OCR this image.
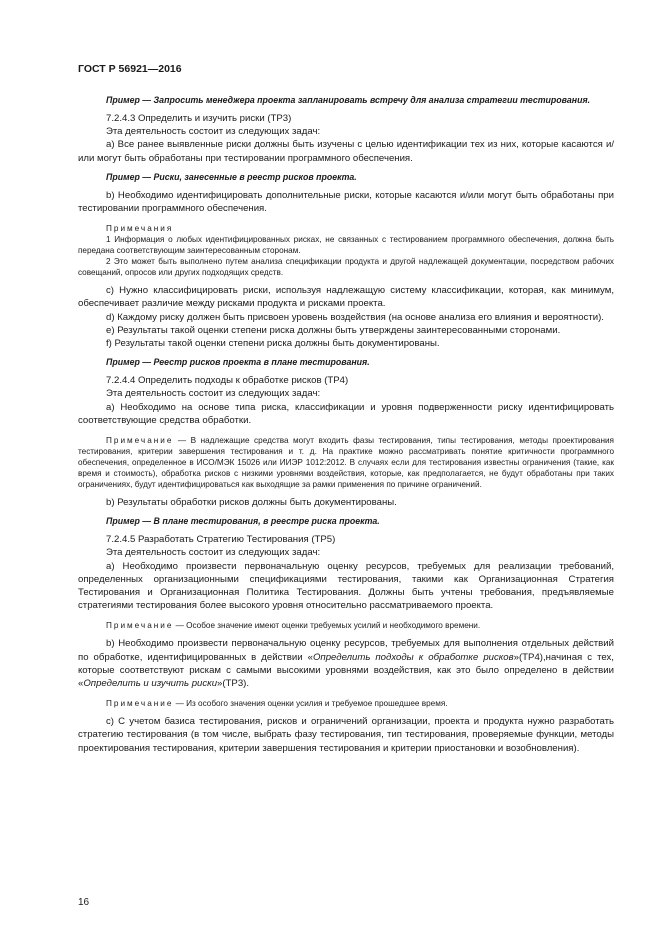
ГОСТ Р 56921—2016

Пример — Запросить менеджера проекта запланировать встречу для анализа стратегии тестирования.

7.2.4.3 Определить и изучить риски (ТР3)

Эта деятельность состоит из следующих задач:

a) Все ранее выявленные риски должны быть изучены с целью идентификации тех из них, которые касаются и/или могут быть обработаны при тестировании программного обеспечения.

Пример — Риски, занесенные в реестр рисков проекта.

b) Необходимо идентифицировать дополнительные риски, которые касаются и/или могут быть обработаны при тестировании программного обеспечения.

Примечания

1 Информация о любых идентифицированных рисках, не связанных с тестированием программного обеспечения, должна быть передана соответствующим заинтересованным сторонам.

2 Это может быть выполнено путем анализа спецификации продукта и другой надлежащей документации, посредством рабочих совещаний, опросов или других подходящих средств.

c) Нужно классифицировать риски, используя надлежащую систему классификации, которая, как минимум, обеспечивает различие между рисками продукта и рисками проекта.

d) Каждому риску должен быть присвоен уровень воздействия (на основе анализа его влияния и вероятности).

e) Результаты такой оценки степени риска должны быть утверждены заинтересованными сторонами.

f) Результаты такой оценки степени риска должны быть документированы.

Пример — Реестр рисков проекта в плане тестирования.

7.2.4.4 Определить подходы к обработке рисков (ТР4)

Эта деятельность состоит из следующих задач:

a) Необходимо на основе типа риска, классификации и уровня подверженности риску идентифицировать соответствующие средства обработки.

Примечание — В надлежащие средства могут входить фазы тестирования, типы тестирования, методы проектирования тестирования, критерии завершения тестирования и т. д. На практике можно рассматривать понятие критичности программного обеспечения, определенное в ИСО/МЭК 15026 или ИИЭР 1012:2012. В случаях если для тестирования известны ограничения (такие, как время и стоимость), обработка рисков с низкими уровнями воздействия, которые, как предполагается, не будут обработаны при таких ограничениях, будут идентифицироваться как выходящие за рамки применения по причине ограничений.

b) Результаты обработки рисков должны быть документированы.

Пример — В плане тестирования, в реестре риска проекта.

7.2.4.5 Разработать Стратегию Тестирования (ТР5)

Эта деятельность состоит из следующих задач:

a) Необходимо произвести первоначальную оценку ресурсов, требуемых для реализации требований, определенных организационными спецификациями тестирования, такими как Организационная Стратегия Тестирования и Организационная Политика Тестирования. Должны быть учтены требования, предъявляемые стратегиями тестирования более высокого уровня относительно рассматриваемого проекта.

Примечание — Особое значение имеют оценки требуемых усилий и необходимого времени.

b) Необходимо произвести первоначальную оценку ресурсов, требуемых для выполнения отдельных действий по обработке, идентифицированных в действии «Определить подходы к обработке рисков»(ТР4),начиная с тех, которые соответствуют рискам с самыми высокими уровнями воздействия, как это было определено в действии «Определить и изучить риски»(ТР3).

Примечание — Из особого значения оценки усилия и требуемое прошедшее время.

c) С учетом базиса тестирования, рисков и ограничений организации, проекта и продукта нужно разработать стратегию тестирования (в том числе, выбрать фазу тестирования, тип тестирования, проверяемые функции, методы проектирования тестирования, критерии завершения тестирования и критерии приостановки и возобновления).

16
